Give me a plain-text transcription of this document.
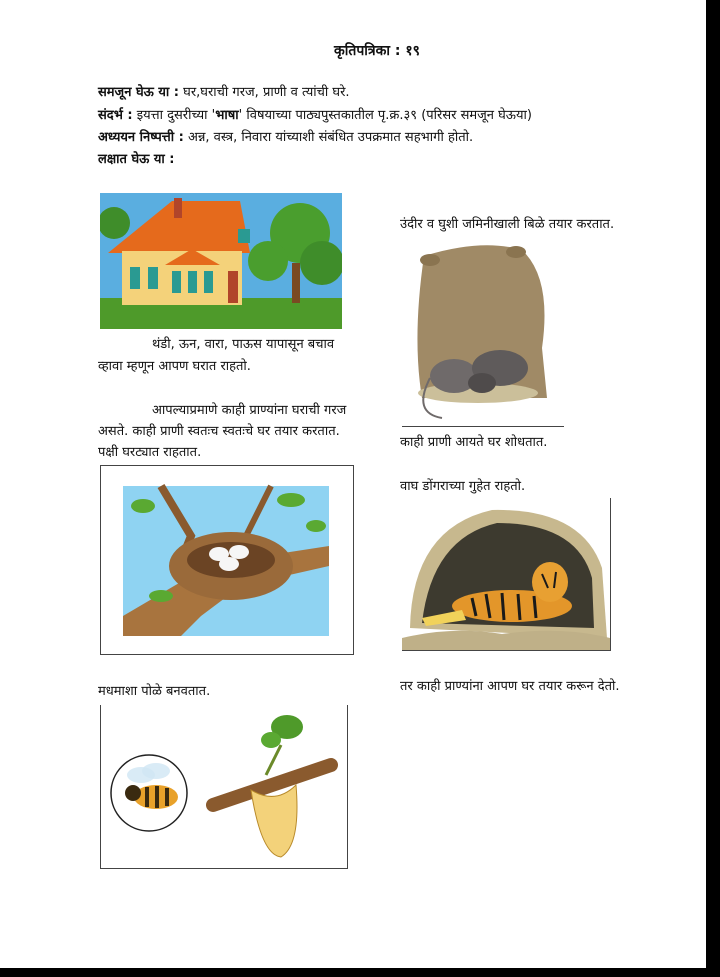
कृतिपत्रिका : १९
समजून घेऊ या : घर,घराची गरज, प्राणी व त्यांची घरे.
संदर्भ : इयत्ता दुसरीच्या 'भाषा' विषयाच्या पाठ्यपुस्तकातील पृ.क्र.३९ (परिसर समजून घेऊया)
अध्ययन निष्पत्ती : अन्न, वस्त्र, निवारा यांच्याशी संबंधित उपक्रमात सहभागी होतो.
लक्षात घेऊ या :
थंडी, ऊन, वारा, पाऊस यापासून बचाव
व्हावा म्हणून आपण घरात राहतो.
आपल्याप्रमाणे काही प्राण्यांना घराची गरज
असते. काही प्राणी स्वतःच स्वतःचे घर तयार करतात.
पक्षी घरट्यात राहतात.
मधमाशा पोळे बनवतात.
उंदीर व घुशी जमिनीखाली बिळे तयार करतात.
काही प्राणी आयते घर शोधतात.
वाघ डोंगराच्या गुहेत राहतो.
तर काही प्राण्यांना आपण घर तयार करून देतो.
